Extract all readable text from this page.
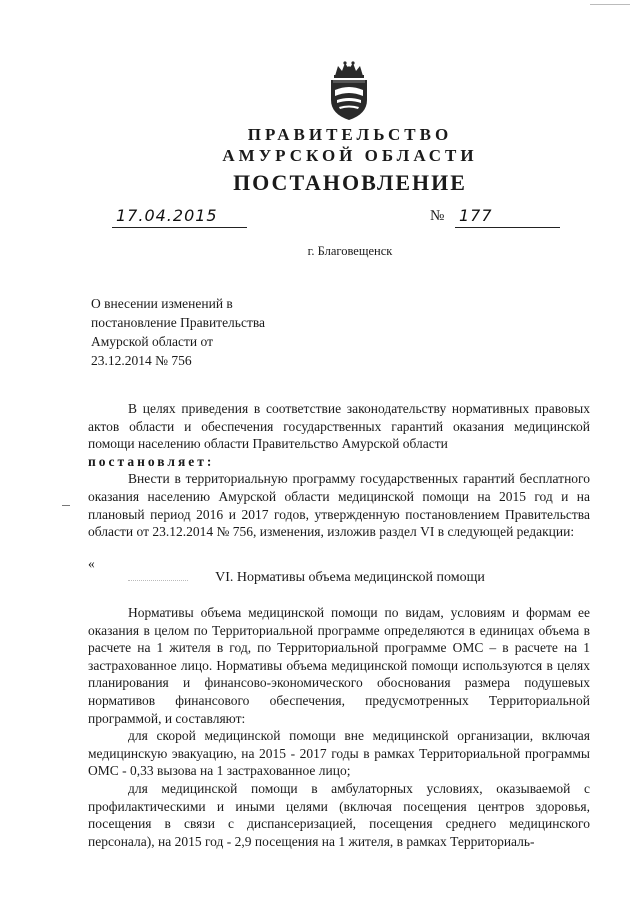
ПРАВИТЕЛЬСТВО
АМУРСКОЙ ОБЛАСТИ
ПОСТАНОВЛЕНИЕ
17.04.2015	№ 177
г. Благовещенск
О внесении изменений в
постановление Правительства
Амурской области от
23.12.2014 № 756

В целях приведения в соответствие законодательству нормативных правовых актов области и обеспечения государственных гарантий оказания медицинской помощи населению области Правительство Амурской области

постановляет:

Внести в территориальную программу государственных гарантий бесплатного оказания населению Амурской области медицинской помощи на 2015 год и на плановый период 2016 и 2017 годов, утвержденную постановлением Правительства области от 23.12.2014 № 756, изменения, изложив раздел VI в следующей редакции:

«
VI. Нормативы объема медицинской помощи

Нормативы объема медицинской помощи по видам, условиям и формам ее оказания в целом по Территориальной программе определяются в единицах объема в расчете на 1 жителя в год, по Территориальной программе ОМС – в расчете на 1 застрахованное лицо. Нормативы объема медицинской помощи используются в целях планирования и финансово-экономического обоснования размера подушевых нормативов финансового обеспечения, предусмотренных Территориальной программой, и составляют:

для скорой медицинской помощи вне медицинской организации, включая медицинскую эвакуацию, на 2015 - 2017 годы в рамках Территориальной программы ОМС - 0,33 вызова на 1 застрахованное лицо;

для медицинской помощи в амбулаторных условиях, оказываемой с профилактическими и иными целями (включая посещения центров здоровья, посещения в связи с диспансеризацией, посещения среднего медицинского персонала), на 2015 год - 2,9 посещения на 1 жителя, в рамках Территориаль-
